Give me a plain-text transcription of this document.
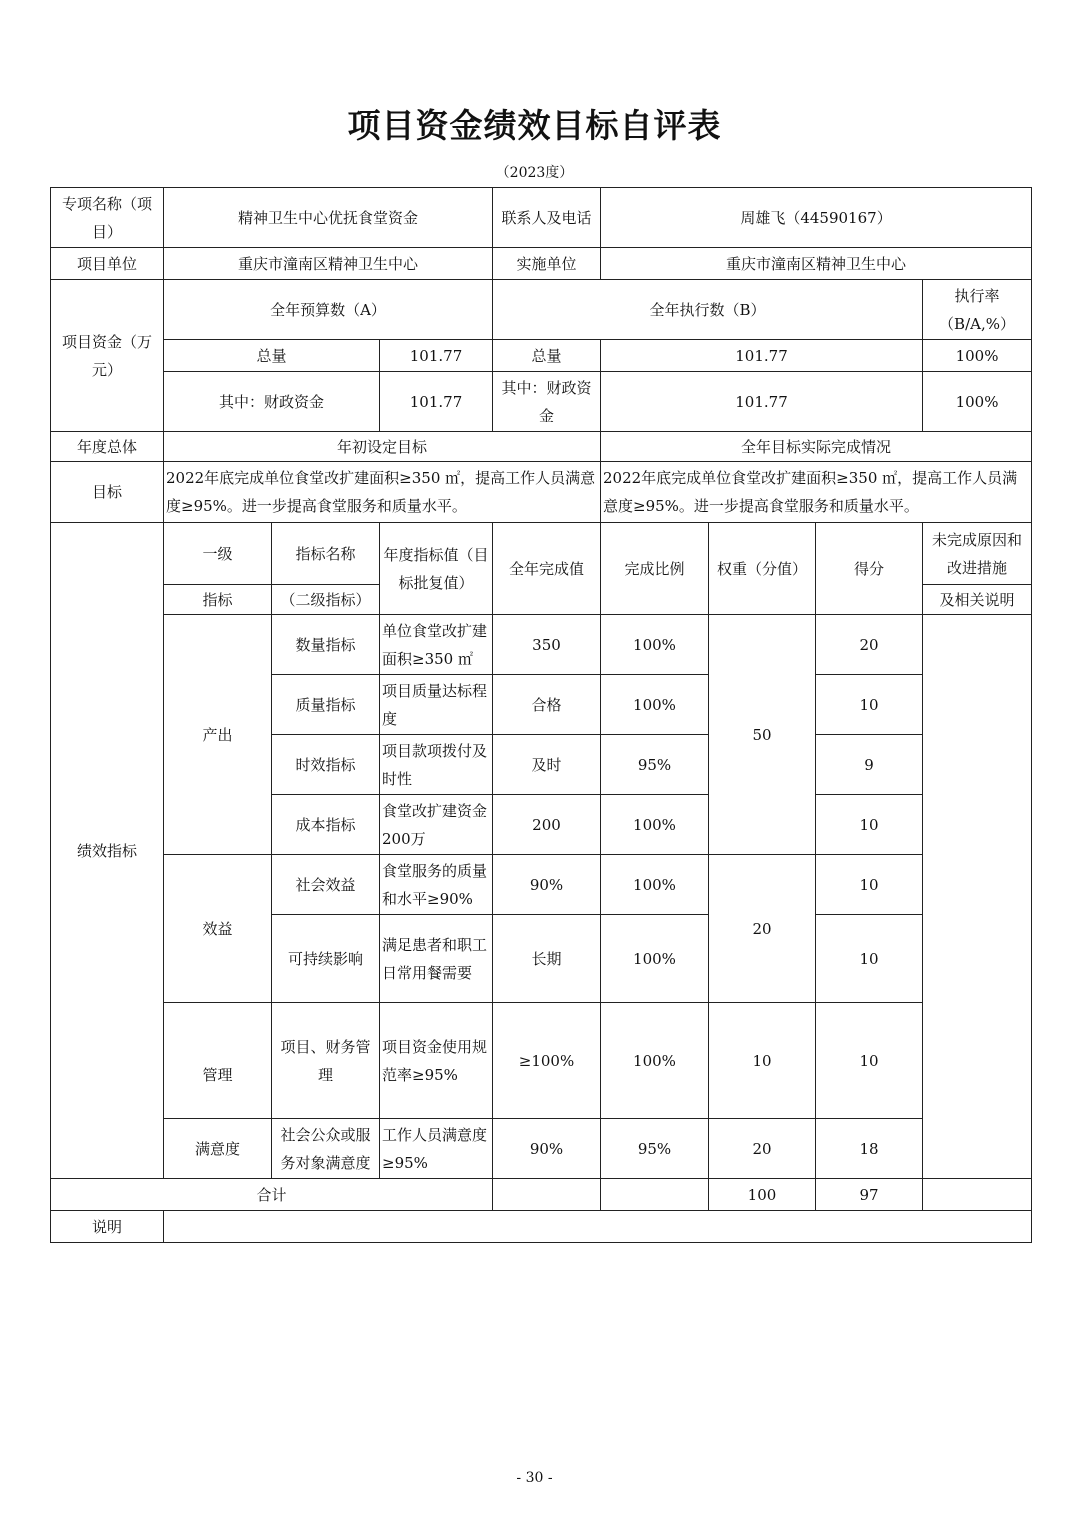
项目资金绩效目标自评表
（2023度）
专项名称（项目）	精神卫生中心优抚食堂资金			联系人及电话	周雄飞（44590167）			
项目单位	重庆市潼南区精神卫生中心			实施单位	重庆市潼南区精神卫生中心			
项目资金（万元）	全年预算数（A）			全年执行数（B）				执行率（B/A,%）
	总量		101.77	总量	101.77			100%
	其中：财政资金		101.77	其中：财政资金	101.77			100%
年度总体	年初设定目标				全年目标实际完成情况			
目标	2022年底完成单位食堂改扩建面积≥350 ㎡，提高工作人员满意度≥95%。进一步提高食堂服务和质量水平。				2022年底完成单位食堂改扩建面积≥350 ㎡，提高工作人员满意度≥95%。进一步提高食堂服务和质量水平。			
绩效指标	一级	指标名称	年度指标值（目标批复值）	全年完成值	完成比例	权重（分值）	得分	未完成原因和改进措施
	指标	（二级指标）						及相关说明
	产出	数量指标	单位食堂改扩建面积≥350 ㎡	350	100%	50	20	
		质量指标	项目质量达标程度	合格	100%		10	
		时效指标	项目款项拨付及时性	及时	95%		9	
		成本指标	食堂改扩建资金200万	200	100%		10	
	效益	社会效益	食堂服务的质量和水平≥90%	90%	100%	20	10	
		可持续影响	满足患者和职工日常用餐需要	长期	100%		10	
	管理	项目、财务管理	项目资金使用规范率≥95%	≥100%	100%	10	10	
	满意度	社会公众或服务对象满意度	工作人员满意度≥95%	90%	95%	20	18	
合计						100	97	
说明								
- 30 -
